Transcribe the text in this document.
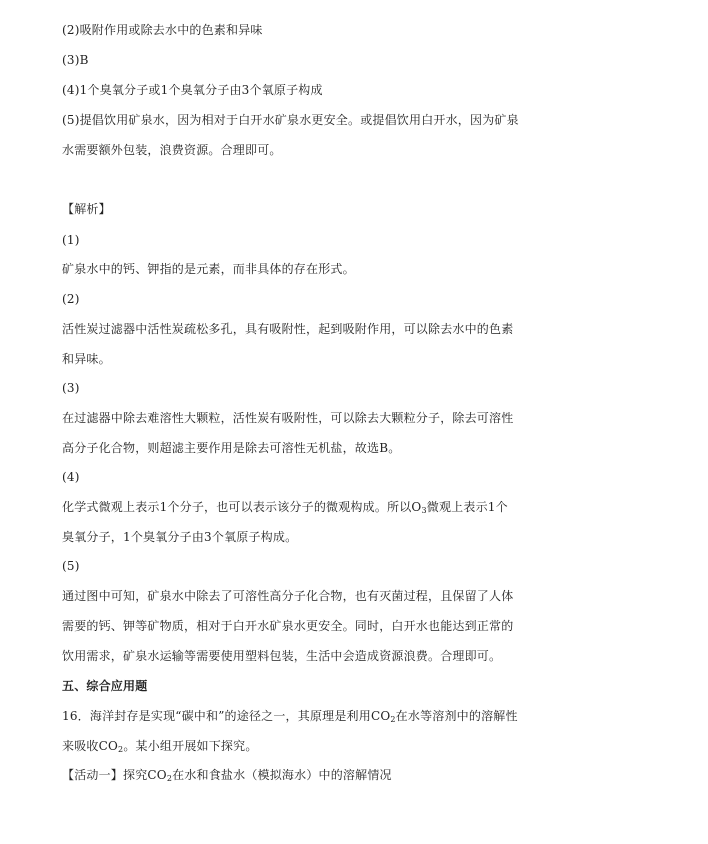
(2)吸附作用或除去水中的色素和异味
(3)B
(4)1个臭氧分子或1个臭氧分子由3个氧原子构成
(5)提倡饮用矿泉水，因为相对于白开水矿泉水更安全。或提倡饮用白开水，因为矿泉
水需要额外包装，浪费资源。合理即可。
【解析】
(1)
矿泉水中的钙、钾指的是元素，而非具体的存在形式。
(2)
活性炭过滤器中活性炭疏松多孔，具有吸附性，起到吸附作用，可以除去水中的色素
和异味。
(3)
在过滤器中除去难溶性大颗粒，活性炭有吸附性，可以除去大颗粒分子，除去可溶性
高分子化合物，则超滤主要作用是除去可溶性无机盐，故选B。
(4)
化学式微观上表示1个分子，也可以表示该分子的微观构成。所以$O_3$微观上表示1个
臭氧分子，1个臭氧分子由3个氧原子构成。
(5)
通过图中可知，矿泉水中除去了可溶性高分子化合物，也有灭菌过程，且保留了人体
需要的钙、钾等矿物质，相对于白开水矿泉水更安全。同时，白开水也能达到正常的
饮用需求，矿泉水运输等需要使用塑料包装，生活中会造成资源浪费。合理即可。
五、综合应用题
16．海洋封存是实现“碳中和”的途径之一，其原理是利用$CO_2$在水等溶剂中的溶解性
来吸收$CO_2$。某小组开展如下探究。
【活动一】探究$CO_2$在水和食盐水（模拟海水）中的溶解情况
